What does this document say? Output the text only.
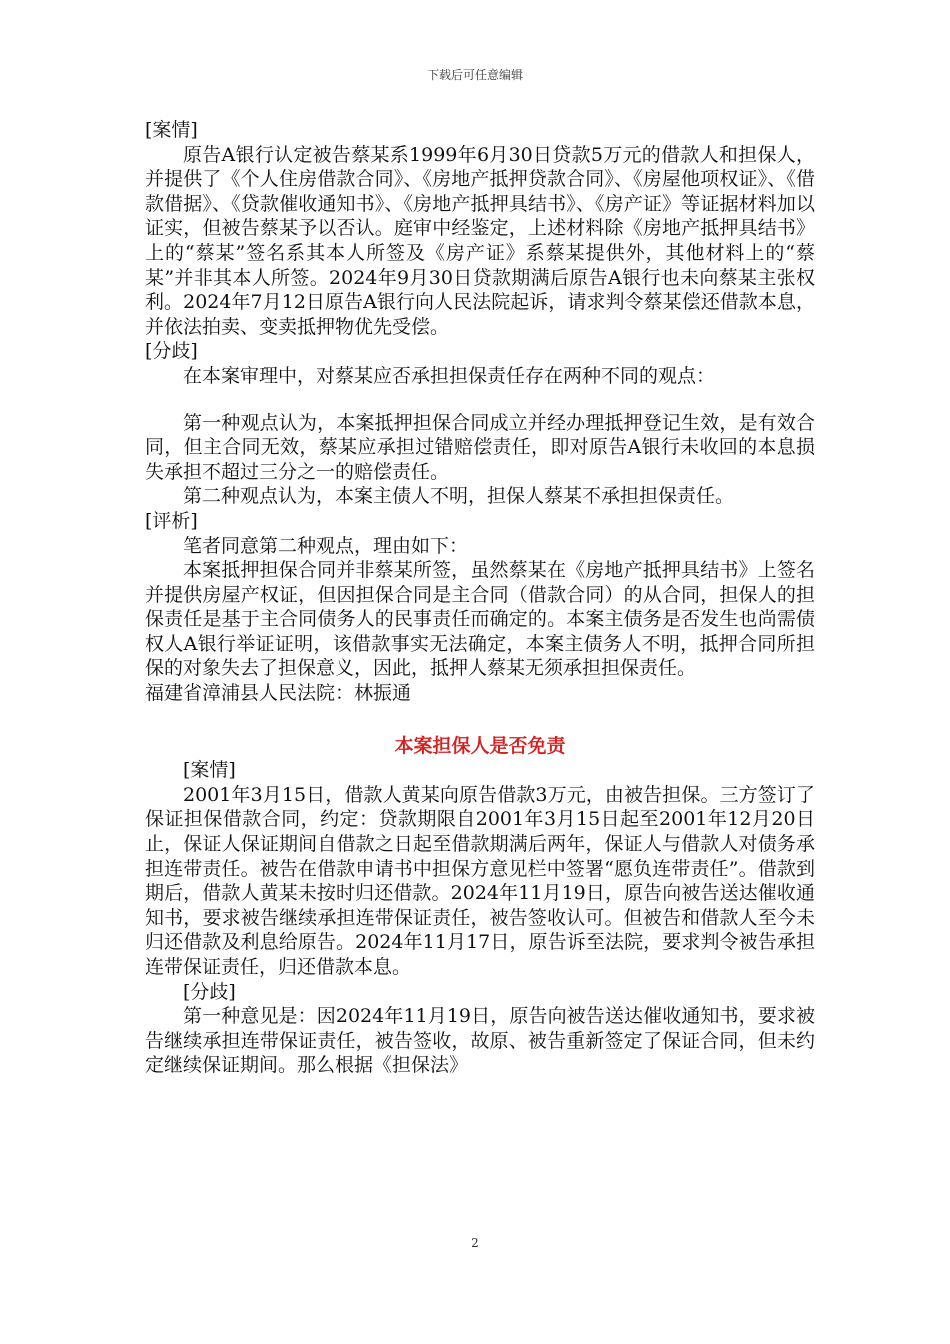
下载后可任意编辑

[案情]

原告A银行认定被告蔡某系1999年6月30日贷款5万元的借款人和担保人，并提供了《个人住房借款合同》、《房地产抵押贷款合同》、《房屋他项权证》、《借款借据》、《贷款催收通知书》、《房地产抵押具结书》、《房产证》等证据材料加以证实，但被告蔡某予以否认。庭审中经鉴定，上述材料除《房地产抵押具结书》上的“蔡某”签名系其本人所签及《房产证》系蔡某提供外，其他材料上的“蔡某”并非其本人所签。2024年9月30日贷款期满后原告A银行也未向蔡某主张权利。2024年7月12日原告A银行向人民法院起诉，请求判令蔡某偿还借款本息，并依法拍卖、变卖抵押物优先受偿。

[分歧]

在本案审理中，对蔡某应否承担担保责任存在两种不同的观点：

第一种观点认为，本案抵押担保合同成立并经办理抵押登记生效，是有效合同，但主合同无效，蔡某应承担过错赔偿责任，即对原告A银行未收回的本息损失承担不超过三分之一的赔偿责任。

第二种观点认为，本案主债人不明，担保人蔡某不承担担保责任。

[评析]

笔者同意第二种观点，理由如下：

本案抵押担保合同并非蔡某所签，虽然蔡某在《房地产抵押具结书》上签名并提供房屋产权证，但因担保合同是主合同（借款合同）的从合同，担保人的担保责任是基于主合同债务人的民事责任而确定的。本案主债务是否发生也尚需债权人A银行举证证明，该借款事实无法确定，本案主债务人不明，抵押合同所担保的对象失去了担保意义，因此，抵押人蔡某无须承担担保责任。

福建省漳浦县人民法院：林振通

本案担保人是否免责

[案情]

2001年3月15日，借款人黄某向原告借款3万元，由被告担保。三方签订了保证担保借款合同，约定：贷款期限自2001年3月15日起至2001年12月20日止，保证人保证期间自借款之日起至借款期满后两年，保证人与借款人对债务承担连带责任。被告在借款申请书中担保方意见栏中签署“愿负连带责任”。借款到期后，借款人黄某未按时归还借款。2024年11月19日，原告向被告送达催收通知书，要求被告继续承担连带保证责任，被告签收认可。但被告和借款人至今未归还借款及利息给原告。2024年11月17日，原告诉至法院，要求判令被告承担连带保证责任，归还借款本息。

[分歧]

第一种意见是：因2024年11月19日，原告向被告送达催收通知书，要求被告继续承担连带保证责任，被告签收，故原、被告重新签定了保证合同，但未约定继续保证期间。那么根据《担保法》

2
